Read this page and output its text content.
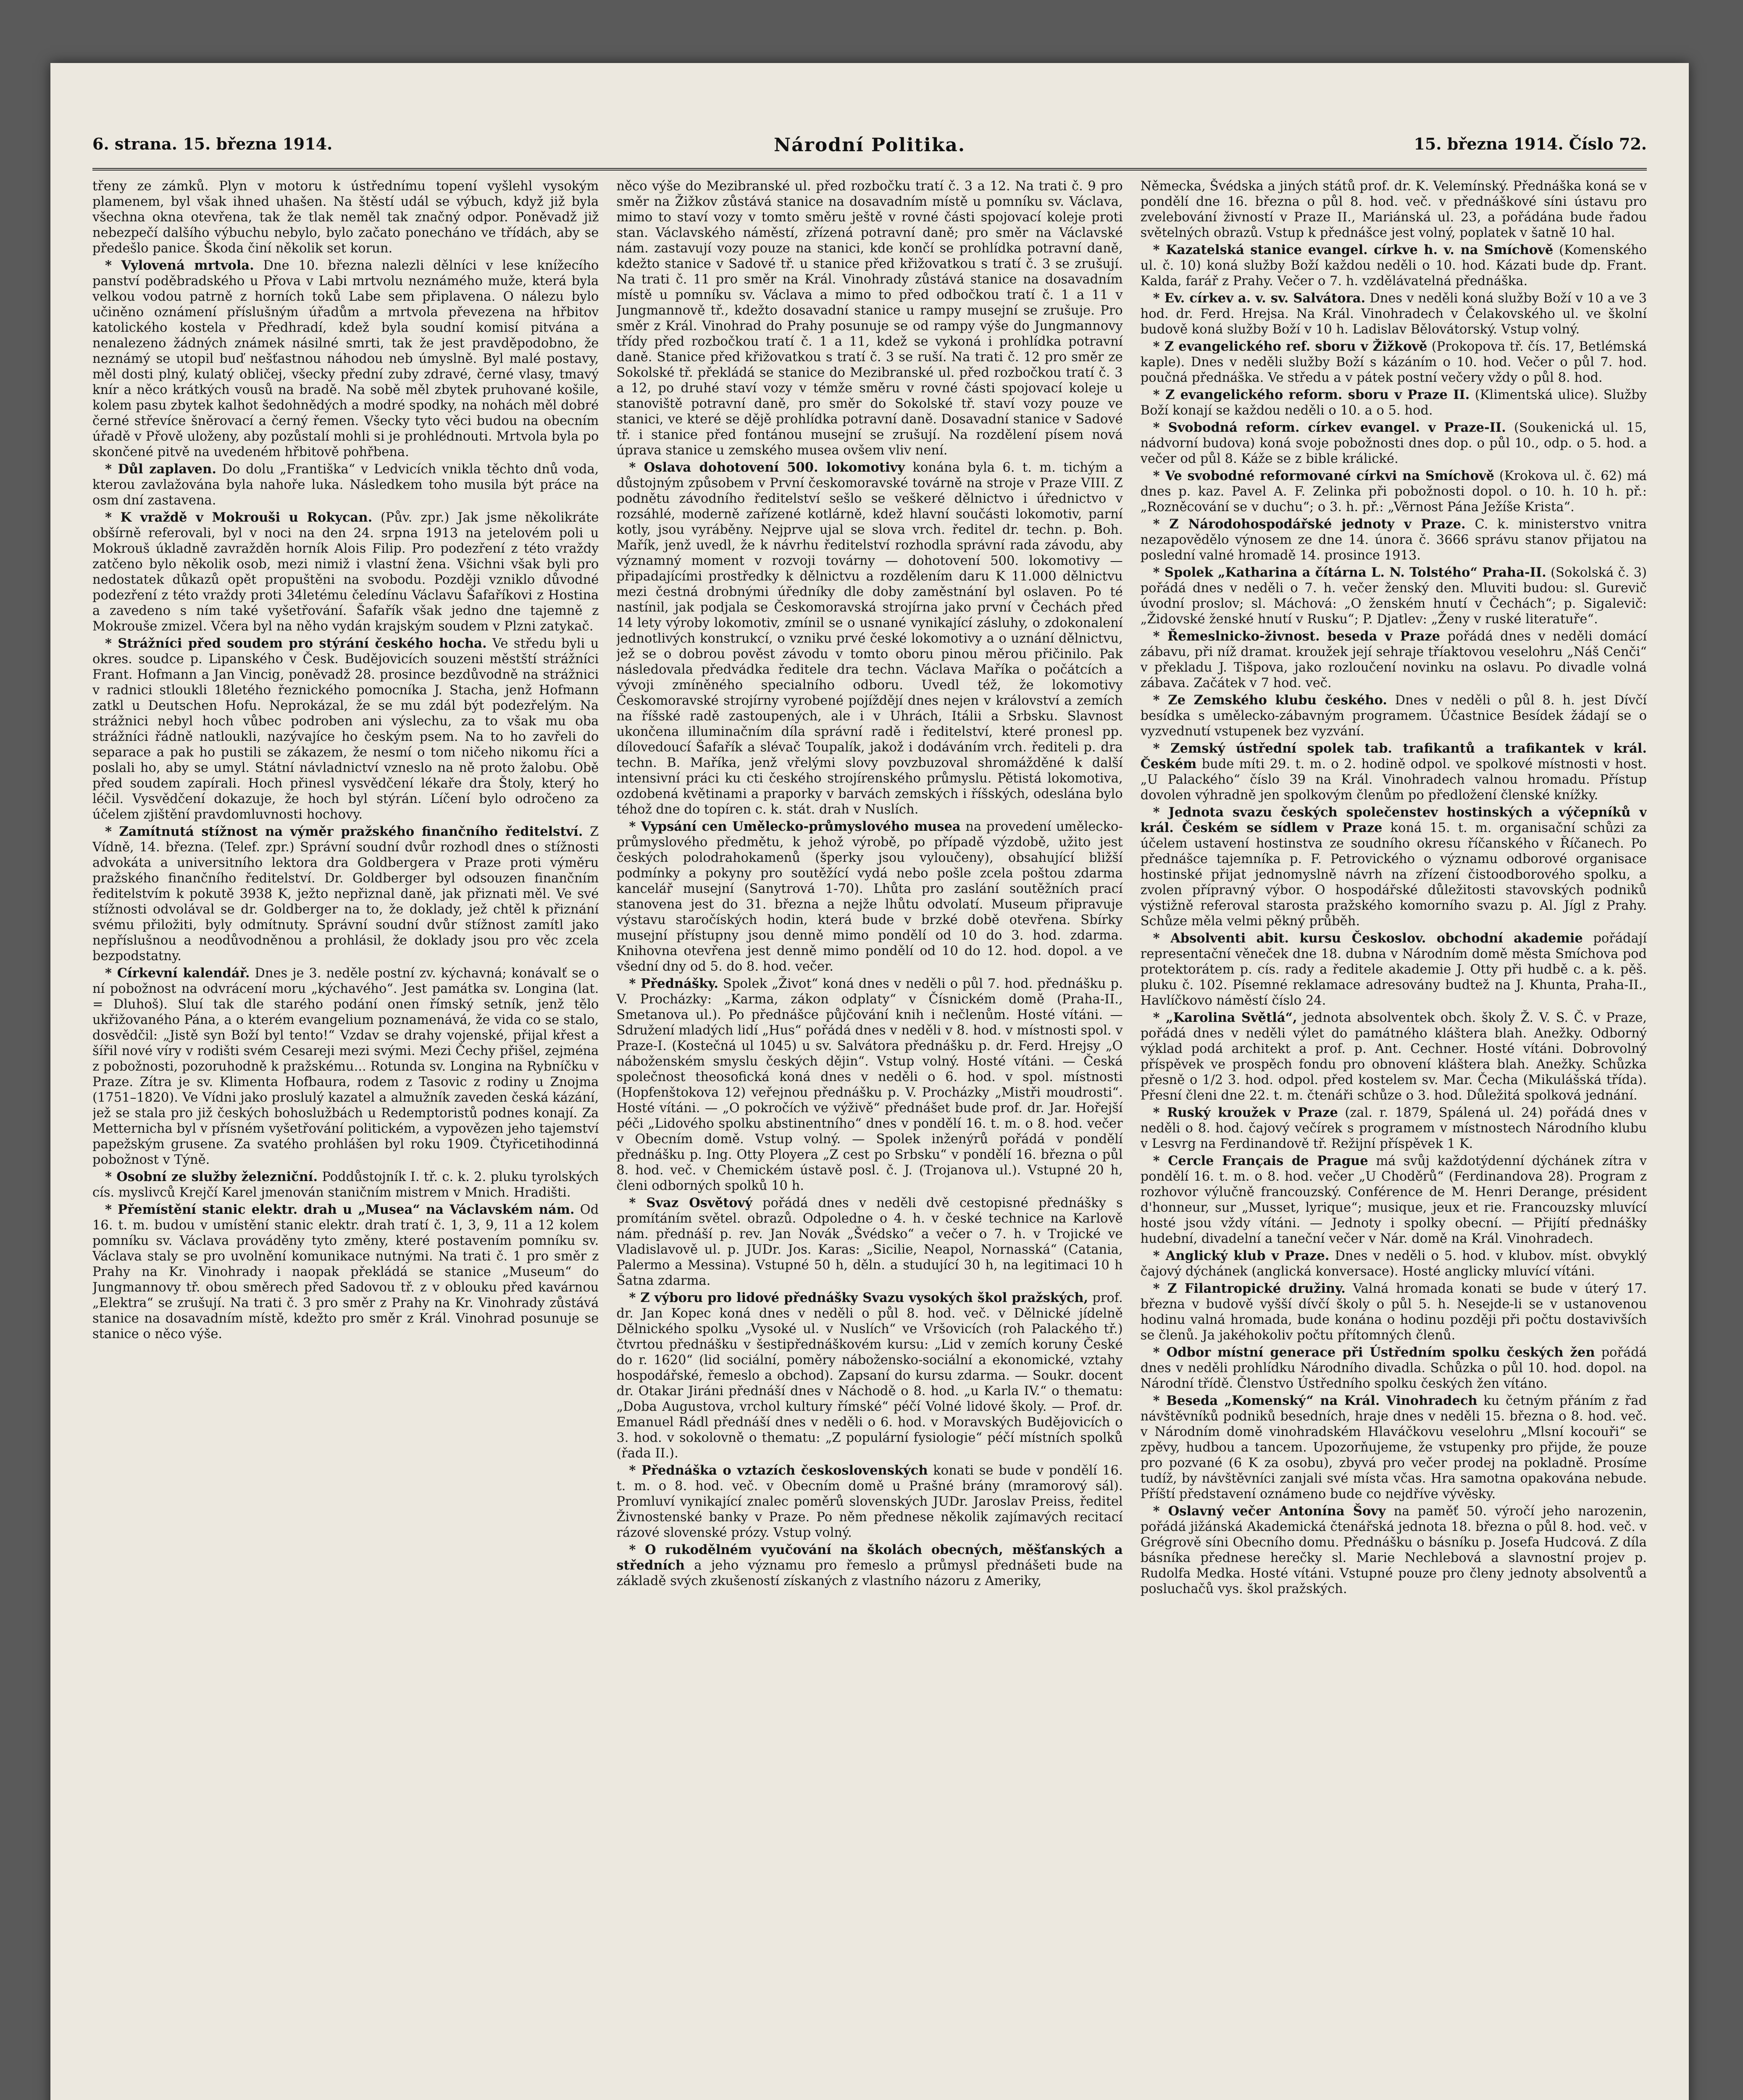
6. strana. 15. března 1914.	Národní Politika.	15. března 1914. Číslo 72.

třeny ze zámků. Plyn v motoru k ústřednímu topení vyšlehl vysokým plamenem, byl však ihned uhašen. Na štěstí udál se výbuch, když již byla všechna okna otevřena, tak že tlak neměl tak značný odpor. Poněvadž již nebezpečí dalšího výbuchu nebylo, bylo začato ponecháno ve třídách, aby se předešlo panice. Škoda činí několik set korun.

* Vylovená mrtvola. Dne 10. března nalezli dělníci v lese knížecího panství poděbradského u Přova v Labi mrtvolu neznámého muže, která byla velkou vodou patrně z horních toků Labe sem připlavena. O nálezu bylo učiněno oznámení příslušným úřadům a mrtvola převezena na hřbitov katolického kostela v Předhradí, kdež byla soudní komisí pitvána a nenalezeno žádných známek násilné smrti, tak že jest pravděpodobno, že neznámý se utopil buď nešťastnou náhodou neb úmyslně. Byl malé postavy, měl dosti plný, kulatý obličej, všecky přední zuby zdravé, černé vlasy, tmavý knír a něco krátkých vousů na bradě. Na sobě měl zbytek pruhované košile, kolem pasu zbytek kalhot šedohnědých a modré spodky, na nohách měl dobré černé střevíce šněrovací a černý řemen. Všecky tyto věci budou na obecním úřadě v Přově uloženy, aby pozůstalí mohli si je prohlédnouti. Mrtvola byla po skončené pitvě na uvedeném hřbitově pohřbena.

* Důl zaplaven. Do dolu „Františka“ v Ledvicích vnikla těchto dnů voda, kterou zavlažována byla nahoře luka. Následkem toho musila být práce na osm dní zastavena.

* K vraždě v Mokrouši u Rokycan. (Pův. zpr.) Jak jsme několikráte obšírně referovali, byl v noci na den 24. srpna 1913 na jetelovém poli u Mokrouš úkladně zavražděn horník Alois Filip. Pro podezření z této vraždy zatčeno bylo několik osob, mezi nimiž i vlastní žena. Všichni však byli pro nedostatek důkazů opět propuštěni na svobodu. Později vzniklo důvodné podezření z této vraždy proti 34letému čeledínu Václavu Šafaříkovi z Hostina a zavedeno s ním také vyšetřování. Šafařík však jedno dne tajemně z Mokrouše zmizel. Včera byl na něho vydán krajským soudem v Plzni zatykač.

* Strážníci před soudem pro stýrání českého hocha. Ve středu byli u okres. soudce p. Lipanského v Česk. Budějovicích souzeni městští strážníci Frant. Hofmann a Jan Vincig, poněvadž 28. prosince bezdůvodně na strážnici v radnici stloukli 18letého řeznického pomocníka J. Stacha, jenž Hofmann zatkl u Deutschen Hofu. Neprokázal, že se mu zdál být podezřelým. Na strážnici nebyl hoch vůbec podroben ani výslechu, za to však mu oba strážníci řádně natloukli, nazývajíce ho českým psem. Na to ho zavřeli do separace a pak ho pustili se zákazem, že nesmí o tom ničeho nikomu říci a poslali ho, aby se umyl. Státní návladnictví vzneslo na ně proto žalobu. Obě před soudem zapírali. Hoch přinesl vysvědčení lékaře dra Štoly, který ho léčil. Vysvědčení dokazuje, že hoch byl stýrán. Líčení bylo odročeno za účelem zjištění pravdomluvnosti hochovy.

* Zamítnutá stížnost na výměr pražského finančního ředitelství. Z Vídně, 14. března. (Telef. zpr.) Správní soudní dvůr rozhodl dnes o stížnosti advokáta a universitního lektora dra Goldbergera v Praze proti výměru pražského finančního ředitelství. Dr. Goldberger byl odsouzen finančním ředitelstvím k pokutě 3938 K, ježto nepřiznal daně, jak přiznati měl. Ve své stížnosti odvolával se dr. Goldberger na to, že doklady, jež chtěl k přiznání svému přiložiti, byly odmítnuty. Správní soudní dvůr stížnost zamítl jako nepříslušnou a neodůvodněnou a prohlásil, že doklady jsou pro věc zcela bezpodstatny.

* Církevní kalendář. Dnes je 3. neděle postní zv. kýchavná; konávalť se o ní pobožnost na odvrácení moru „kýchavého“. Jest památka sv. Longina (lat. = Dluhoš). Sluí tak dle starého podání onen římský setník, jenž tělo ukřižovaného Pána, a o kterém evangelium poznamenává, že vida co se stalo, dosvědčil: „Jistě syn Boží byl tento!“ Vzdav se drahy vojenské, přijal křest a šířil nové víry v rodišti svém Cesareji mezi svými. Mezi Čechy přišel, zejména z pobožnosti, pozoruhodně k pražskému... Rotunda sv. Longina na Rybníčku v Praze. Zítra je sv. Klimenta Hofbaura, rodem z Tasovic z rodiny u Znojma (1751–1820). Ve Vídni jako proslulý kazatel a almužník zaveden česká kázání, jež se stala pro již českých bohoslužbách u Redemptoristů podnes konají. Za Metternicha byl v přísném vyšetřování politickém, a vypovězen jeho tajemství papežským grusene. Za svatého prohlášen byl roku 1909. Čtyřicetihodinná pobožnost v Týně.

* Osobní ze služby železniční. Poddůstojník I. tř. c. k. 2. pluku tyrolských cís. myslivců Krejčí Karel jmenován staničním mistrem v Mnich. Hradišti.

* Přemístění stanic elektr. drah u „Musea“ na Václavském nám. Od 16. t. m. budou v umístění stanic elektr. drah tratí č. 1, 3, 9, 11 a 12 kolem pomníku sv. Václava prováděny tyto změny, které postavením pomníku sv. Václava staly se pro uvolnění komunikace nutnými. Na trati č. 1 pro směr z Prahy na Kr. Vinohrady i naopak překládá se stanice „Museum“ do Jungmannovy tř. obou směrech před Sadovou tř. z v oblouku před kavárnou „Elektra“ se zrušují. Na trati č. 3 pro směr z Prahy na Kr. Vinohrady zůstává stanice na dosavadním místě, kdežto pro směr z Král. Vinohrad posunuje se stanice o něco výše.

něco výše do Mezibranské ul. před rozbočku tratí č. 3 a 12. Na trati č. 9 pro směr na Žižkov zůstává stanice na dosavadním místě u pomníku sv. Václava, mimo to staví vozy v tomto směru ještě v rovné části spojovací koleje proti stan. Václavského náměstí, zřízená potravní daně; pro směr na Václavské nám. zastavují vozy pouze na stanici, kde končí se prohlídka potravní daně, kdežto stanice v Sadové tř. u stanice před křižovatkou s tratí č. 3 se zrušují. Na trati č. 11 pro směr na Král. Vinohrady zůstává stanice na dosavadním místě u pomníku sv. Václava a mimo to před odbočkou tratí č. 1 a 11 v Jungmannově tř., kdežto dosavadní stanice u rampy musejní se zrušuje. Pro směr z Král. Vinohrad do Prahy posunuje se od rampy výše do Jungmannovy třídy před rozbočkou tratí č. 1 a 11, kdež se vykoná i prohlídka potravní daně. Stanice před křižovatkou s tratí č. 3 se ruší. Na trati č. 12 pro směr ze Sokolské tř. překládá se stanice do Mezibranské ul. před rozbočkou tratí č. 3 a 12, po druhé staví vozy v témže směru v rovné části spojovací koleje u stanoviště potravní daně, pro směr do Sokolské tř. staví vozy pouze ve stanici, ve které se dějě prohlídka potravní daně. Dosavadní stanice v Sadové tř. i stanice před fontánou musejní se zrušují. Na rozdělení písem nová úprava stanice u zemského musea ovšem vliv není.

* Oslava dohotovení 500. lokomotivy konána byla 6. t. m. tichým a důstojným způsobem v První českomoravské továrně na stroje v Praze VIII. Z podnětu závodního ředitelství sešlo se veškeré dělnictvo i úřednictvo v rozsáhlé, moderně zařízené kotlárně, kdež hlavní součásti lokomotiv, parní kotly, jsou vyráběny. Nejprve ujal se slova vrch. ředitel dr. techn. p. Boh. Mařík, jenž uvedl, že k návrhu ředitelství rozhodla správní rada závodu, aby významný moment v rozvoji továrny — dohotovení 500. lokomotivy — připadajícími prostředky k dělnictvu a rozdělením daru K 11.000 dělnictvu mezi čestná drobnými úředníky dle doby zaměstnání byl oslaven. Po té nastínil, jak podjala se Českomoravská strojírna jako první v Čechách před 14 lety výroby lokomotiv, zmínil se o usnané vynikající zásluhy, o zdokonalení jednotlivých konstrukcí, o vzniku prvé české lokomotivy a o uznání dělnictvu, jež se o dobrou pověst závodu v tomto oboru pinou měrou přičinilo. Pak následovala předvádka ředitele dra techn. Václava Maříka o počátcích a vývoji zmíněného specialního odboru. Uvedl též, že lokomotivy Českomoravské strojírny vyrobené pojíždějí dnes nejen v království a zemích na říšské radě zastoupených, ale i v Uhrách, Itálii a Srbsku. Slavnost ukončena illuminačním díla správní radě i ředitelství, které pronesl pp. dílovedoucí Šafařík a slévač Toupalík, jakož i dodáváním vrch. řediteli p. dra techn. B. Maříka, jenž vřelými slovy povzbuzoval shromážděné k další intensivní práci ku cti českého strojírenského průmyslu. Pětistá lokomotiva, ozdobená květinami a praporky v barvách zemských i říšských, odeslána bylo téhož dne do topíren c. k. stát. drah v Nuslích.

* Vypsání cen Umělecko-průmyslového musea na provedení umělecko-průmyslového předmětu, k jehož výrobě, po případě výzdobě, užito jest českých polodrahokamenů (šperky jsou vyloučeny), obsahující bližší podmínky a pokyny pro soutěžící vydá nebo pošle zcela poštou zdarma kancelář musejní (Sanytrová 1-70). Lhůta pro zaslání soutěžních prací stanovena jest do 31. března a nejže lhůtu odvolatí. Museum připravuje výstavu staročíských hodin, která bude v brzké době otevřena. Sbírky musejní přístupny jsou denně mimo pondělí od 10 do 3. hod. zdarma. Knihovna otevřena jest denně mimo pondělí od 10 do 12. hod. dopol. a ve všední dny od 5. do 8. hod. večer.

* Přednášky. Spolek „Život“ koná dnes v neděli o půl 7. hod. přednášku p. V. Procházky: „Karma, zákon odplaty“ v Čísnickém domě (Praha-II., Smetanova ul.). Po přednášce půjčování knih i nečlenům. Hosté vítáni. — Sdružení mladých lidí „Hus“ pořádá dnes v neděli v 8. hod. v místnosti spol. v Praze-I. (Kostečná ul 1045) u sv. Salvátora přednášku p. dr. Ferd. Hrejsy „O náboženském smyslu českých dějin“. Vstup volný. Hosté vítáni. — Česká společnost theosofická koná dnes v neděli o 6. hod. v spol. místnosti (Hopfenštokova 12) veřejnou přednášku p. V. Procházky „Mistři moudrosti“. Hosté vítáni. — „O pokročích ve výživě“ přednášet bude prof. dr. Jar. Hořejší péči „Lidového spolku abstinentního“ dnes v pondělí 16. t. m. o 8. hod. večer v Obecním domě. Vstup volný. — Spolek inženýrů pořádá v pondělí přednášku p. Ing. Otty Ployera „Z cest po Srbsku“ v pondělí 16. března o půl 8. hod. več. v Chemickém ústavě posl. č. J. (Trojanova ul.). Vstupné 20 h, členi odborných spolků 10 h.

* Svaz Osvětový pořádá dnes v neděli dvě cestopisné přednášky s promítáním světel. obrazů. Odpoledne o 4. h. v české technice na Karlově nám. přednáší p. rev. Jan Novák „Švédsko“ a večer o 7. h. v Trojické ve Vladislavově ul. p. JUDr. Jos. Karas: „Sicilie, Neapol, Nornasská“ (Catania, Palermo a Messina). Vstupné 50 h, děln. a studující 30 h, na legitimaci 10 h Šatna zdarma.

* Z výboru pro lidové přednášky Svazu vysokých škol pražských, prof. dr. Jan Kopec koná dnes v neděli o půl 8. hod. več. v Dělnické jídelně Dělnického spolku „Vysoké ul. v Nuslích“ ve Vršovicích (roh Palackého tř.) čtvrtou přednášku v šestipřednáškovém kursu: „Lid v zemích koruny České do r. 1620“ (lid sociální, poměry nábožensko-sociální a ekonomické, vztahy hospodářské, řemeslo a obchod). Zapsaní do kursu zdarma. — Soukr. docent dr. Otakar Jiráni přednáší dnes v Náchodě o 8. hod. „u Karla IV.“ o thematu: „Doba Augustova, vrchol kultury římské“ péčí Volné lidové školy. — Prof. dr. Emanuel Rádl přednáší dnes v neděli o 6. hod. v Moravských Budějovicích o 3. hod. v sokolovně o thematu: „Z populární fysiologie“ péčí místních spolků (řada II.).

* Přednáška o vztazích československých konati se bude v pondělí 16. t. m. o 8. hod. več. v Obecním domě u Prašné brány (mramorový sál). Promluví vynikající znalec poměrů slovenských JUDr. Jaroslav Preiss, ředitel Živnostenské banky v Praze. Po něm přednese několik zajímavých recitací rázové slovenské prózy. Vstup volný.

* O rukodělném vyučování na školách obecných, měšťanských a středních a jeho významu pro řemeslo a průmysl přednášeti bude na základě svých zkušeností získaných z vlastního názoru z Ameriky,

Německa, Švédska a jiných států prof. dr. K. Velemínský. Přednáška koná se v pondělí dne 16. března o půl 8. hod. več. v přednáškové síni ústavu pro zvelebování živností v Praze II., Mariánská ul. 23, a pořádána bude řadou světelných obrazů. Vstup k přednášce jest volný, poplatek v šatně 10 hal.

* Kazatelská stanice evangel. církve h. v. na Smíchově (Komenského ul. č. 10) koná služby Boží každou neděli o 10. hod. Kázati bude dp. Frant. Kalda, farář z Prahy. Večer o 7. h. vzdělávatelná přednáška.

* Ev. církev a. v. sv. Salvátora. Dnes v neděli koná služby Boží v 10 a ve 3 hod. dr. Ferd. Hrejsa. Na Král. Vinohradech v Čelakovského ul. ve školní budově koná služby Boží v 10 h. Ladislav Bělovátorský. Vstup volný.

* Z evangelického ref. sboru v Žižkově (Prokopova tř. čís. 17, Betlémská kaple). Dnes v neděli služby Boží s kázáním o 10. hod. Večer o půl 7. hod. poučná přednáška. Ve středu a v pátek postní večery vždy o půl 8. hod.

* Z evangelického reform. sboru v Praze II. (Klimentská ulice). Služby Boží konají se každou neděli o 10. a o 5. hod.

* Svobodná reform. církev evangel. v Praze-II. (Soukenická ul. 15, nádvorní budova) koná svoje pobožnosti dnes dop. o půl 10., odp. o 5. hod. a večer od půl 8. Káže se z bible králické.

* Ve svobodné reformované církvi na Smíchově (Krokova ul. č. 62) má dnes p. kaz. Pavel A. F. Zelinka při pobožnosti dopol. o 10. h. 10 h. př.: „Rozněcování se v duchu“; o 3. h. př.: „Věrnost Pána Ježíše Krista“.

* Z Národohospodářské jednoty v Praze. C. k. ministerstvo vnitra nezapovědělo výnosem ze dne 14. února č. 3666 správu stanov přijatou na poslední valné hromadě 14. prosince 1913.

* Spolek „Katharina a čítárna L. N. Tolstého“ Praha-II. (Sokolská č. 3) pořádá dnes v neděli o 7. h. večer ženský den. Mluviti budou: sl. Gurevič úvodní proslov; sl. Máchová: „O ženském hnutí v Čechách“; p. Sigalevič: „Židovské ženské hnutí v Rusku“; P. Djatlev: „Ženy v ruské literatuře“.

* Řemeslnicko-živnost. beseda v Praze pořádá dnes v neděli domácí zábavu, při níž dramat. kroužek její sehraje tříaktovou veselohru „Náš Cenči“ v překladu J. Tišpova, jako rozloučení novinku na oslavu. Po divadle volná zábava. Začátek v 7 hod. več.

* Ze Zemského klubu českého. Dnes v neděli o půl 8. h. jest Dívčí besídka s umělecko-zábavným programem. Účastnice Besídek žádají se o vyzvednutí vstupenek bez vyzvání.

* Zemský ústřední spolek tab. trafikantů a trafikantek v král. Českém bude míti 29. t. m. o 2. hodině odpol. ve spolkové místnosti v host. „U Palackého“ číslo 39 na Král. Vinohradech valnou hromadu. Přístup dovolen výhradně jen spolkovým členům po předložení členské knížky.

* Jednota svazu českých společenstev hostinských a výčepníků v král. Českém se sídlem v Praze koná 15. t. m. organisační schůzi za účelem ustavení hostinstva ze soudního okresu říčanského v Říčanech. Po přednášce tajemníka p. F. Petrovického o významu odborové organisace hostinské přijat jednomyslně návrh na zřízení čistoodborového spolku, a zvolen přípravný výbor. O hospodářské důležitosti stavovských podniků výstižně referoval starosta pražského komorního svazu p. Al. Jígl z Prahy. Schůze měla velmi pěkný průběh.

* Absolventi abit. kursu Českoslov. obchodní akademie pořádají representační věneček dne 18. dubna v Národním domě města Smíchova pod protektorátem p. cís. rady a ředitele akademie J. Otty při hudbě c. a k. pěš. pluku č. 102. Písemné reklamace adresovány budtež na J. Khunta, Praha-II., Havlíčkovo náměstí číslo 24.

* „Karolina Světlá“, jednota absolventek obch. školy Ž. V. S. Č. v Praze, pořádá dnes v neděli výlet do památného kláštera blah. Anežky. Odborný výklad podá architekt a prof. p. Ant. Cechner. Hosté vítáni. Dobrovolný příspěvek ve prospěch fondu pro obnovení kláštera blah. Anežky. Schůzka přesně o 1/2 3. hod. odpol. před kostelem sv. Mar. Čecha (Mikulášská třída). Přesní členi dne 22. t. m. čtenáři schůze o 3. hod. Důležitá spolková jednání.

* Ruský kroužek v Praze (zal. r. 1879, Spálená ul. 24) pořádá dnes v neděli o 8. hod. čajový večírek s programem v místnostech Národního klubu v Lesvrg na Ferdinandově tř. Režijní příspěvek 1 K.

* Cercle Français de Prague má svůj každotýdenní dýchánek zítra v pondělí 16. t. m. o 8. hod. večer „U Choděrů“ (Ferdinandova 28). Program z rozhovor výlučně francouzský. Conférence de M. Henri Derange, président d'honneur, sur „Musset, lyrique“; musique, jeux et rie. Francouzsky mluvící hosté jsou vždy vítáni. — Jednoty i spolky obecní. — Přijítí přednášky hudební, divadelní a taneční večer v Nár. domě na Král. Vinohradech.

* Anglický klub v Praze. Dnes v neděli o 5. hod. v klubov. míst. obvyklý čajový dýchánek (anglická konversace). Hosté anglicky mluvící vítáni.

* Z Filantropické družiny. Valná hromada konati se bude v úterý 17. března v budově vyšší dívčí školy o půl 5. h. Nesejde-li se v ustanovenou hodinu valná hromada, bude konána o hodinu později při počtu dostavivších se členů. Ja jakéhokoliv počtu přítomných členů.

* Odbor místní generace při Ústředním spolku českých žen pořádá dnes v neděli prohlídku Národního divadla. Schůzka o půl 10. hod. dopol. na Národní třídě. Členstvo Ústředního spolku českých žen vítáno.

* Beseda „Komenský“ na Král. Vinohradech ku četným přáním z řad návštěvníků podniků besedních, hraje dnes v neděli 15. března o 8. hod. več. v Národním domě vinohradském Hlaváčkovu veselohru „Mlsní kocouři“ se zpěvy, hudbou a tancem. Upozorňujeme, že vstupenky pro přijde, že pouze pro pozvané (6 K za osobu), zbyvá pro večer prodej na pokladně. Prosíme tudíž, by návštěvníci zanjali své místa včas. Hra samotna opakována nebude. Příští představení oznámeno bude co nejdříve vývěsky.

* Oslavný večer Antonína Šovy na paměť 50. výročí jeho narozenin, pořádá jižánská Akademická čtenářská jednota 18. března o půl 8. hod. več. v Grégrově síni Obecního domu. Přednášku o básníku p. Josefa Hudcová. Z díla básníka přednese herečky sl. Marie Nechlebová a slavnostní projev p. Rudolfa Medka. Hosté vítáni. Vstupné pouze pro členy jednoty absolventů a posluchačů vys. škol pražských.
